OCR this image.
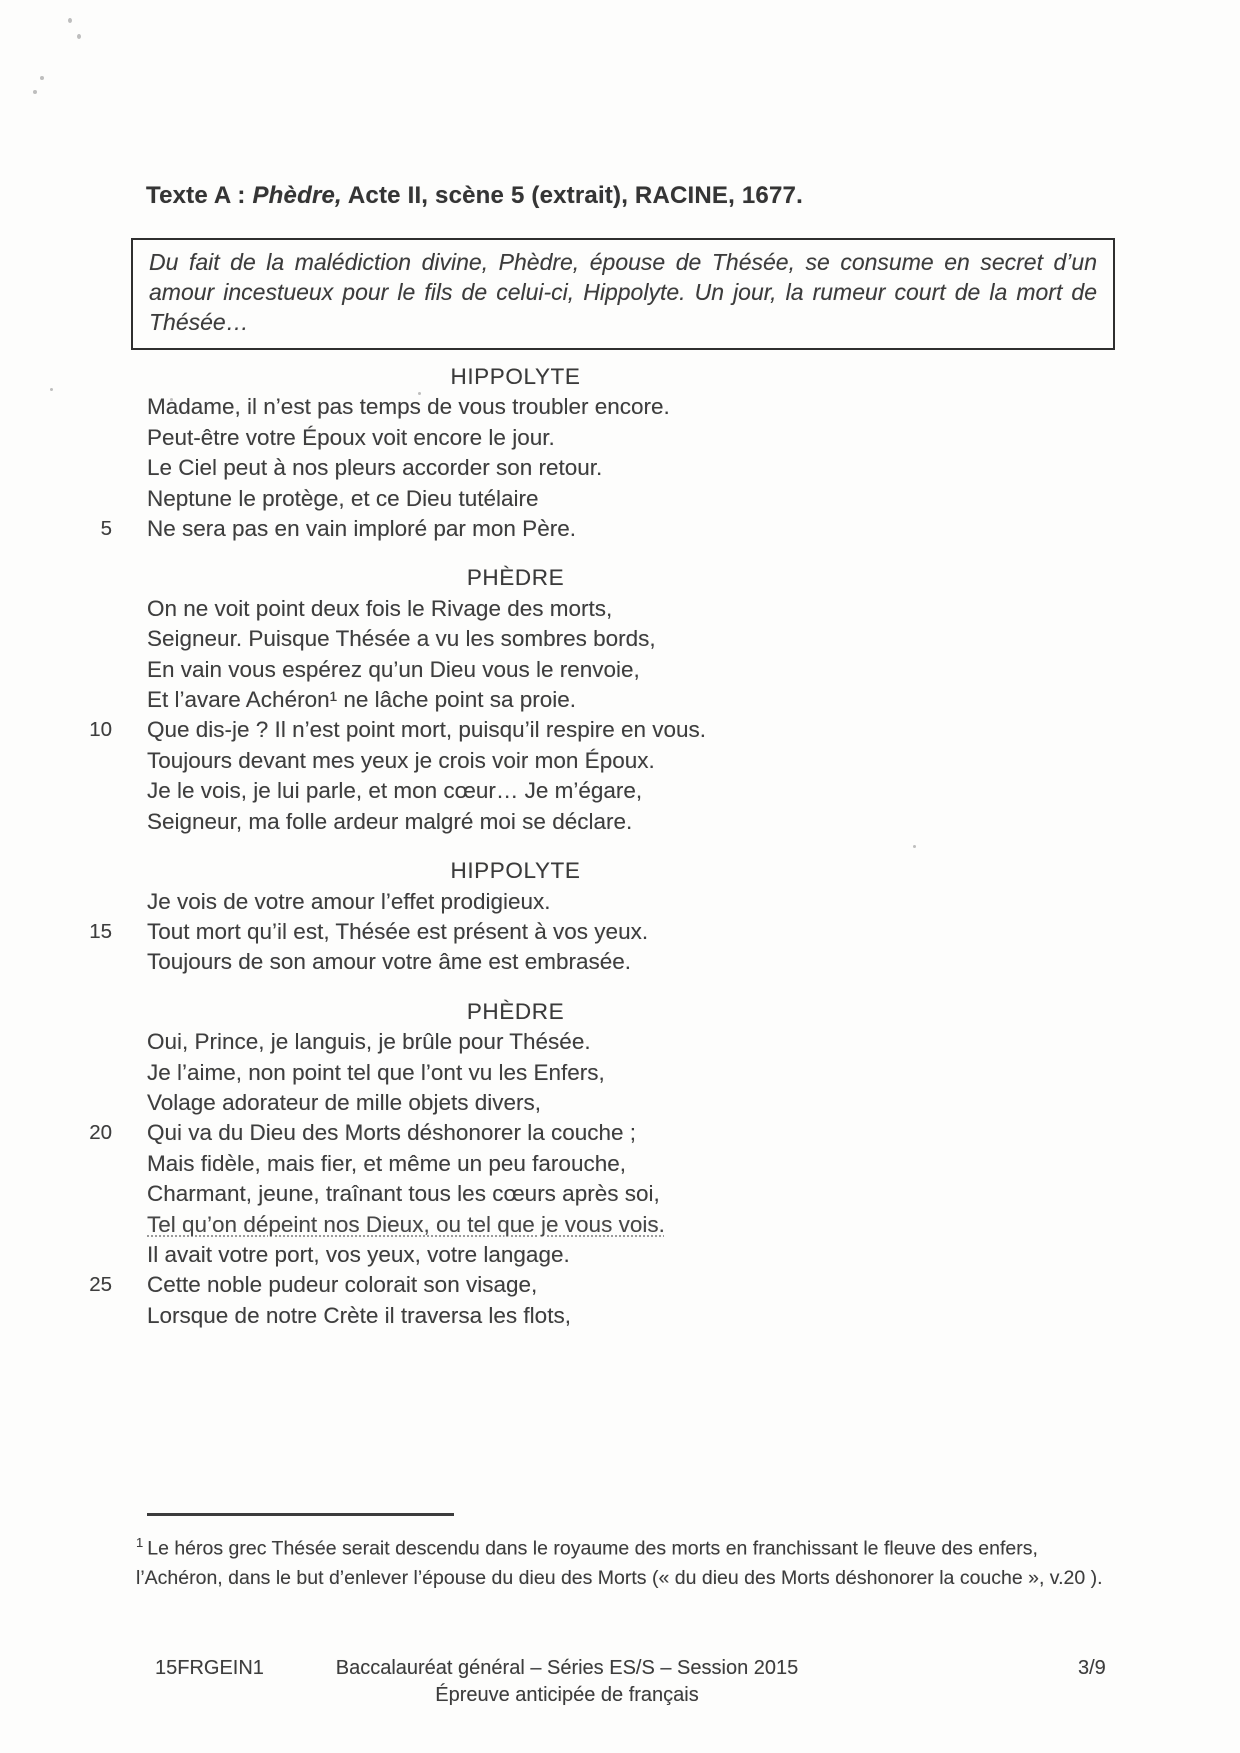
Texte A : Phèdre, Acte II, scène 5 (extrait), RACINE, 1677.
Du fait de la malédiction divine, Phèdre, épouse de Thésée, se consume en secret d’un amour incestueux pour le fils de celui-ci, Hippolyte. Un jour, la rumeur court de la mort de Thésée…
HIPPOLYTE
Madame, il n’est pas temps de vous troubler encore.
Peut-être votre Époux voit encore le jour.
Le Ciel peut à nos pleurs accorder son retour.
Neptune le protège, et ce Dieu tutélaire
5 Ne sera pas en vain imploré par mon Père.
PHÈDRE
On ne voit point deux fois le Rivage des morts,
Seigneur. Puisque Thésée a vu les sombres bords,
En vain vous espérez qu’un Dieu vous le renvoie,
Et l’avare Achéron¹ ne lâche point sa proie.
10 Que dis-je ? Il n’est point mort, puisqu’il respire en vous.
Toujours devant mes yeux je crois voir mon Époux.
Je le vois, je lui parle, et mon cœur… Je m’égare,
Seigneur, ma folle ardeur malgré moi se déclare.
HIPPOLYTE
Je vois de votre amour l’effet prodigieux.
15 Tout mort qu’il est, Thésée est présent à vos yeux.
Toujours de son amour votre âme est embrasée.
PHÈDRE
Oui, Prince, je languis, je brûle pour Thésée.
Je l’aime, non point tel que l’ont vu les Enfers,
Volage adorateur de mille objets divers,
20 Qui va du Dieu des Morts déshonorer la couche ;
Mais fidèle, mais fier, et même un peu farouche,
Charmant, jeune, traînant tous les cœurs après soi,
Tel qu’on dépeint nos Dieux, ou tel que je vous vois.
Il avait votre port, vos yeux, votre langage.
25 Cette noble pudeur colorait son visage,
Lorsque de notre Crète il traversa les flots,
$^1$ Le héros grec Thésée serait descendu dans le royaume des morts en franchissant le fleuve des enfers, l’Achéron, dans le but d’enlever l’épouse du dieu des Morts (« du dieu des Morts déshonorer la couche », v.20 ).
15FRGEIN1	Baccalauréat général – Séries ES/S – Session 2015
Épreuve anticipée de français
3/9
